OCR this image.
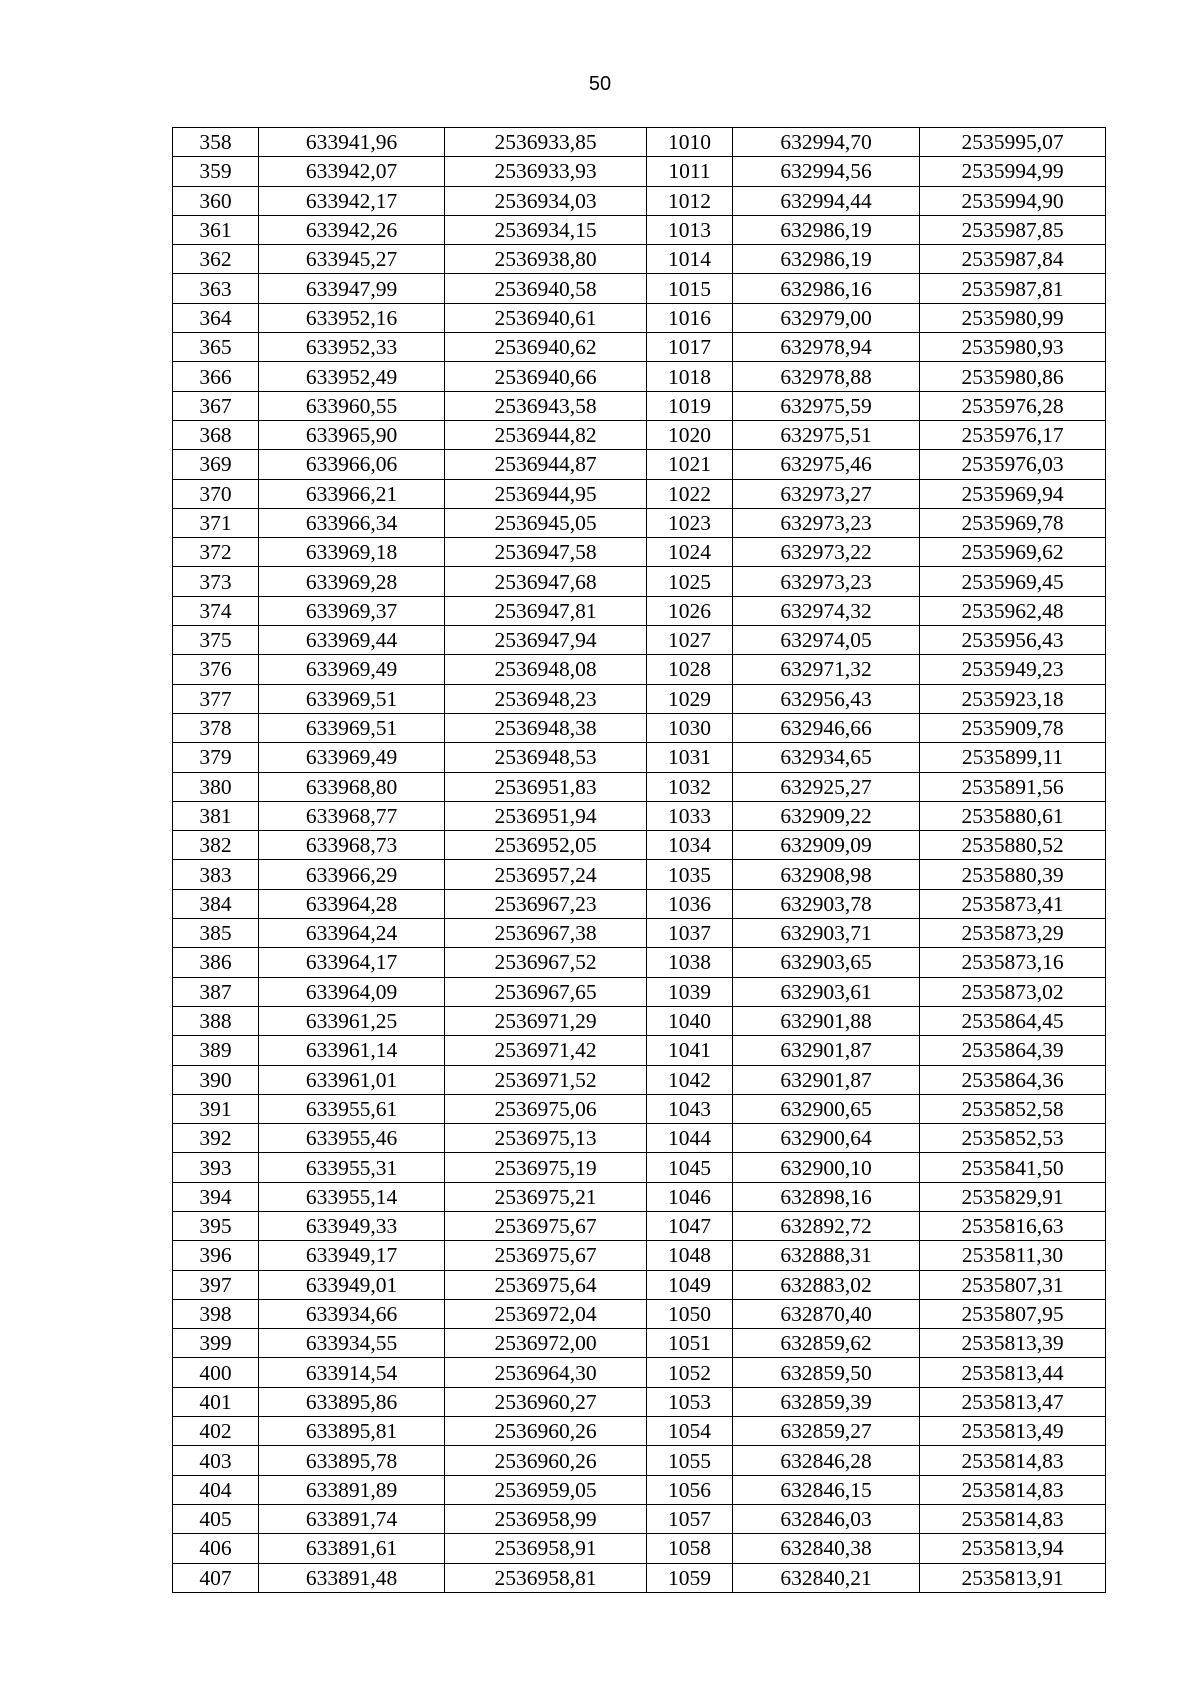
50
358	633941,96	2536933,85	1010	632994,70	2535995,07
359	633942,07	2536933,93	1011	632994,56	2535994,99
360	633942,17	2536934,03	1012	632994,44	2535994,90
361	633942,26	2536934,15	1013	632986,19	2535987,85
362	633945,27	2536938,80	1014	632986,19	2535987,84
363	633947,99	2536940,58	1015	632986,16	2535987,81
364	633952,16	2536940,61	1016	632979,00	2535980,99
365	633952,33	2536940,62	1017	632978,94	2535980,93
366	633952,49	2536940,66	1018	632978,88	2535980,86
367	633960,55	2536943,58	1019	632975,59	2535976,28
368	633965,90	2536944,82	1020	632975,51	2535976,17
369	633966,06	2536944,87	1021	632975,46	2535976,03
370	633966,21	2536944,95	1022	632973,27	2535969,94
371	633966,34	2536945,05	1023	632973,23	2535969,78
372	633969,18	2536947,58	1024	632973,22	2535969,62
373	633969,28	2536947,68	1025	632973,23	2535969,45
374	633969,37	2536947,81	1026	632974,32	2535962,48
375	633969,44	2536947,94	1027	632974,05	2535956,43
376	633969,49	2536948,08	1028	632971,32	2535949,23
377	633969,51	2536948,23	1029	632956,43	2535923,18
378	633969,51	2536948,38	1030	632946,66	2535909,78
379	633969,49	2536948,53	1031	632934,65	2535899,11
380	633968,80	2536951,83	1032	632925,27	2535891,56
381	633968,77	2536951,94	1033	632909,22	2535880,61
382	633968,73	2536952,05	1034	632909,09	2535880,52
383	633966,29	2536957,24	1035	632908,98	2535880,39
384	633964,28	2536967,23	1036	632903,78	2535873,41
385	633964,24	2536967,38	1037	632903,71	2535873,29
386	633964,17	2536967,52	1038	632903,65	2535873,16
387	633964,09	2536967,65	1039	632903,61	2535873,02
388	633961,25	2536971,29	1040	632901,88	2535864,45
389	633961,14	2536971,42	1041	632901,87	2535864,39
390	633961,01	2536971,52	1042	632901,87	2535864,36
391	633955,61	2536975,06	1043	632900,65	2535852,58
392	633955,46	2536975,13	1044	632900,64	2535852,53
393	633955,31	2536975,19	1045	632900,10	2535841,50
394	633955,14	2536975,21	1046	632898,16	2535829,91
395	633949,33	2536975,67	1047	632892,72	2535816,63
396	633949,17	2536975,67	1048	632888,31	2535811,30
397	633949,01	2536975,64	1049	632883,02	2535807,31
398	633934,66	2536972,04	1050	632870,40	2535807,95
399	633934,55	2536972,00	1051	632859,62	2535813,39
400	633914,54	2536964,30	1052	632859,50	2535813,44
401	633895,86	2536960,27	1053	632859,39	2535813,47
402	633895,81	2536960,26	1054	632859,27	2535813,49
403	633895,78	2536960,26	1055	632846,28	2535814,83
404	633891,89	2536959,05	1056	632846,15	2535814,83
405	633891,74	2536958,99	1057	632846,03	2535814,83
406	633891,61	2536958,91	1058	632840,38	2535813,94
407	633891,48	2536958,81	1059	632840,21	2535813,91
